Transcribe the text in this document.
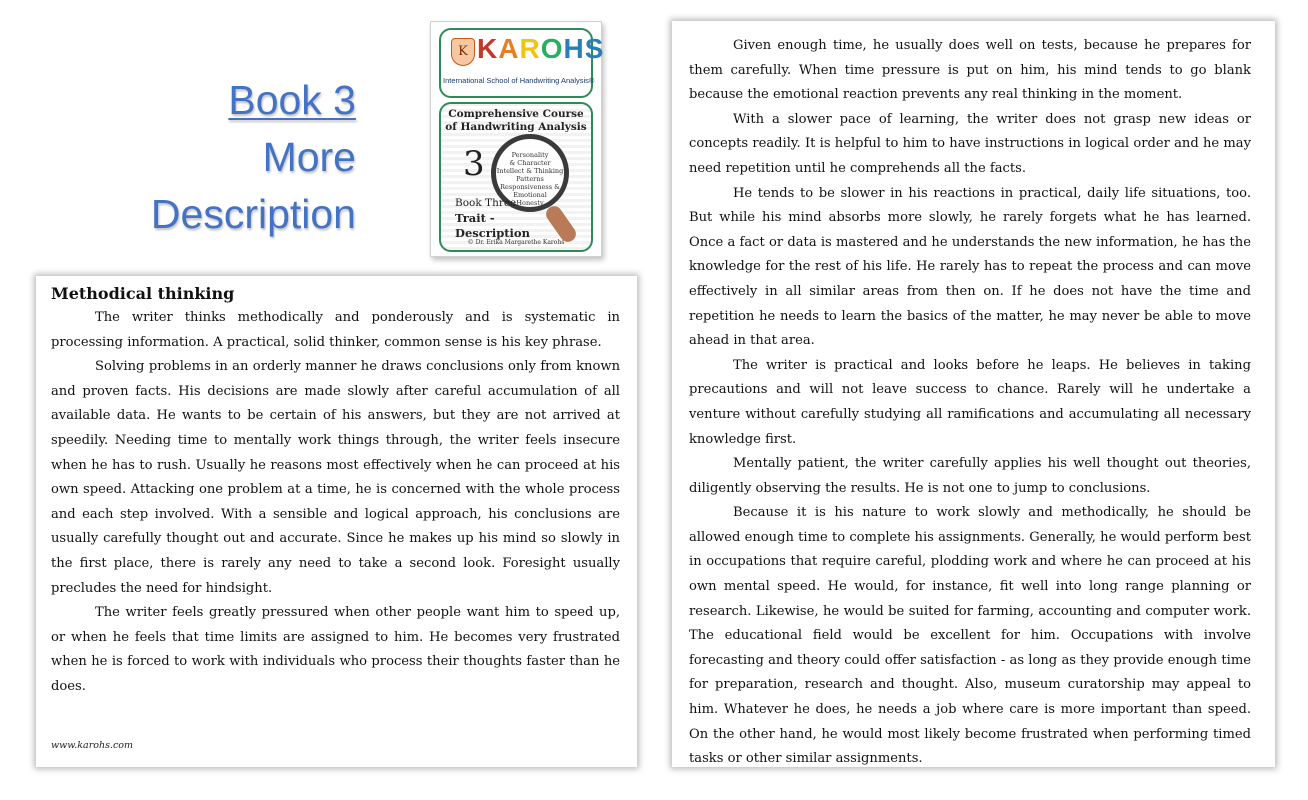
Book 3
More
Description
K KAROHS
International School of Handwriting Analysis®
Comprehensive Course of Handwriting Analysis
3	Personality
& Character
Intellect & Thinking Patterns
Responsiveness & Emotional
Honesty Interpersonal
Book Three
Trait -
Description
© Dr. Erika Margarethe Karohs
Methodical thinking

The writer thinks methodically and ponderously and is systematic in processing information. A practical, solid thinker, common sense is his key phrase.

Solving problems in an orderly manner he draws conclusions only from known and proven facts. His decisions are made slowly after careful accumulation of all available data. He wants to be certain of his answers, but they are not arrived at speedily. Needing time to mentally work things through, the writer feels insecure when he has to rush. Usually he reasons most effectively when he can proceed at his own speed. Attacking one problem at a time, he is concerned with the whole process and each step involved. With a sensible and logical approach, his conclusions are usually carefully thought out and accurate. Since he makes up his mind so slowly in the first place, there is rarely any need to take a second look. Foresight usually precludes the need for hindsight.

The writer feels greatly pressured when other people want him to speed up, or when he feels that time limits are assigned to him. He becomes very frustrated when he is forced to work with individuals who process their thoughts faster than he does.

www.karohs.com

Given enough time, he usually does well on tests, because he prepares for them carefully. When time pressure is put on him, his mind tends to go blank because the emotional reaction prevents any real thinking in the moment.

With a slower pace of learning, the writer does not grasp new ideas or concepts readily. It is helpful to him to have instructions in logical order and he may need repetition until he comprehends all the facts.

He tends to be slower in his reactions in practical, daily life situations, too. But while his mind absorbs more slowly, he rarely forgets what he has learned. Once a fact or data is mastered and he understands the new information, he has the knowledge for the rest of his life. He rarely has to repeat the process and can move effectively in all similar areas from then on. If he does not have the time and repetition he needs to learn the basics of the matter, he may never be able to move ahead in that area.

The writer is practical and looks before he leaps. He believes in taking precautions and will not leave success to chance. Rarely will he undertake a venture without carefully studying all ramifications and accumulating all necessary knowledge first.

Mentally patient, the writer carefully applies his well thought out theories, diligently observing the results. He is not one to jump to conclusions.

Because it is his nature to work slowly and methodically, he should be allowed enough time to complete his assignments. Generally, he would perform best in occupations that require careful, plodding work and where he can proceed at his own mental speed. He would, for instance, fit well into long range planning or research. Likewise, he would be suited for farming, accounting and computer work. The educational field would be excellent for him. Occupations with involve forecasting and theory could offer satisfaction - as long as they provide enough time for preparation, research and thought. Also, museum curatorship may appeal to him. Whatever he does, he needs a job where care is more important than speed. On the other hand, he would most likely become frustrated when performing timed tasks or other similar assignments.
